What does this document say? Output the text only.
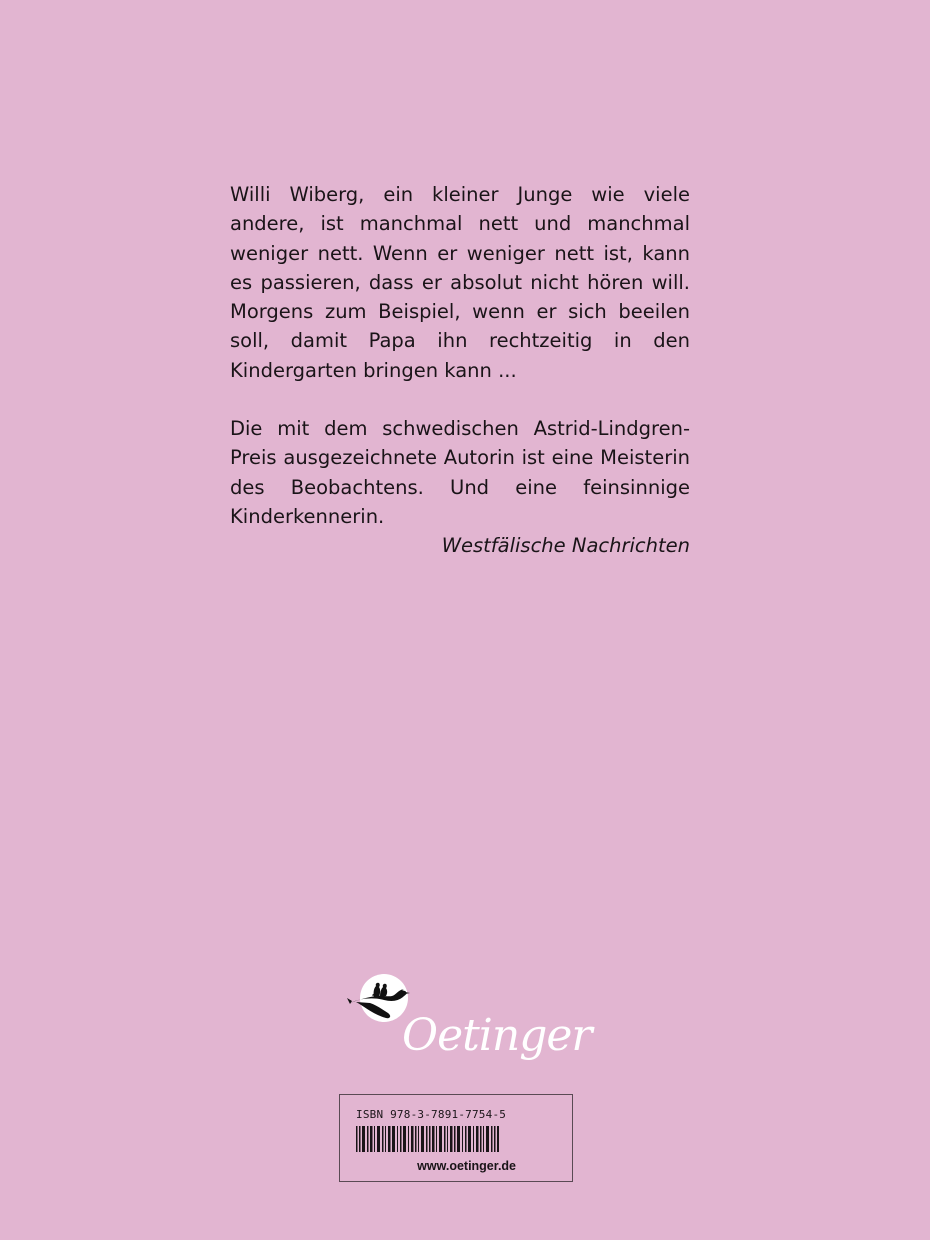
Willi Wiberg, ein kleiner Junge wie viele andere, ist manchmal nett und manchmal weniger nett. Wenn er weniger nett ist, kann es passieren, dass er absolut nicht hören will. Morgens zum Beispiel, wenn er sich beeilen soll, damit Papa ihn rechtzeitig in den Kindergarten bringen kann ...

Die mit dem schwedischen Astrid-Lindgren-Preis ausgezeichnete Autorin ist eine Meisterin des Beobachtens. Und eine feinsinnige Kinderkennerin.
Westfälische Nachrichten

Oetinger
ISBN 978-3-7891-7754-5
www.oetinger.de
